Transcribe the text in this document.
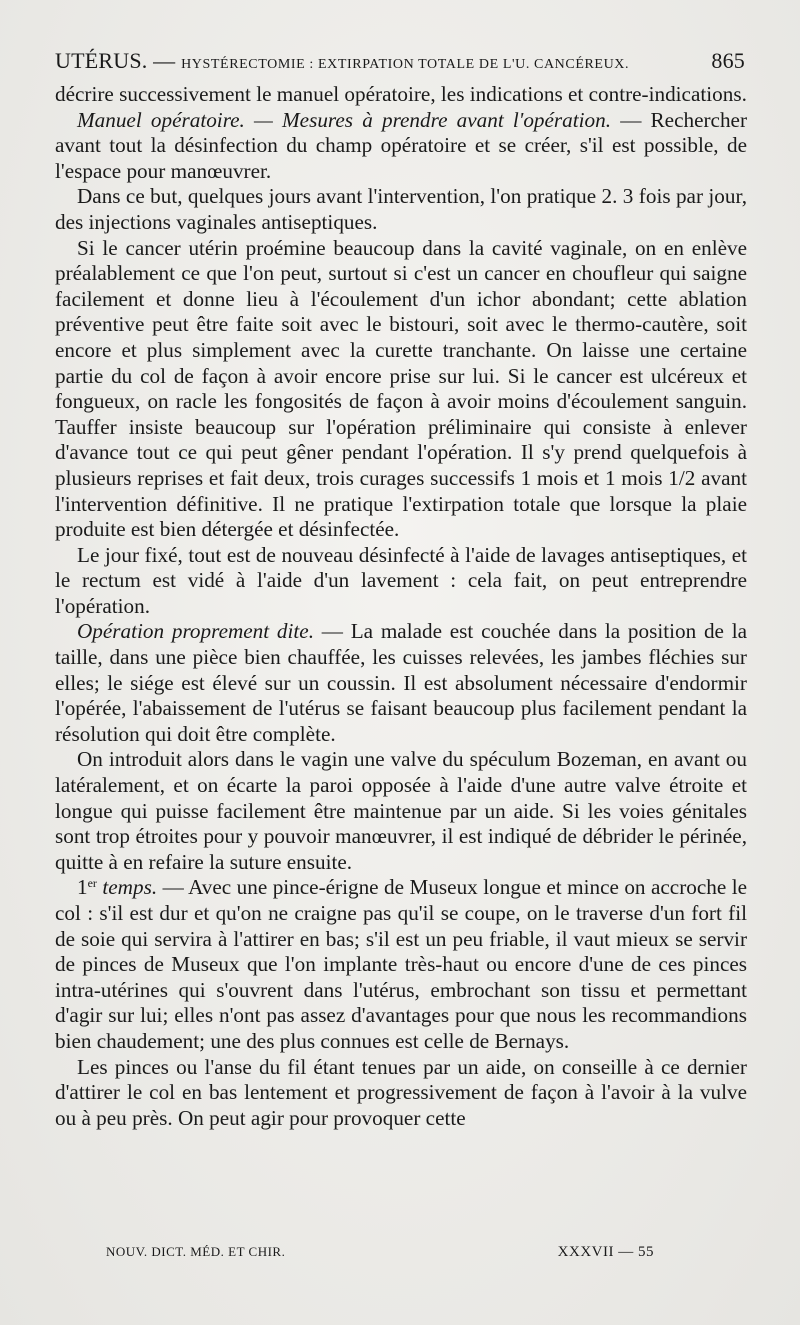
UTÉRUS. — HYSTÉRECTOMIE : EXTIRPATION TOTALE DE L'U. CANCÉREUX.	865

décrire successivement le manuel opératoire, les indications et contre-indications.

Manuel opératoire. — Mesures à prendre avant l'opération. — Rechercher avant tout la désinfection du champ opératoire et se créer, s'il est possible, de l'espace pour manœuvrer.

Dans ce but, quelques jours avant l'intervention, l'on pratique 2. 3 fois par jour, des injections vaginales antiseptiques.

Si le cancer utérin proémine beaucoup dans la cavité vaginale, on en enlève préalablement ce que l'on peut, surtout si c'est un cancer en choufleur qui saigne facilement et donne lieu à l'écoulement d'un ichor abondant; cette ablation préventive peut être faite soit avec le bistouri, soit avec le thermo-cautère, soit encore et plus simplement avec la curette tranchante. On laisse une certaine partie du col de façon à avoir encore prise sur lui. Si le cancer est ulcéreux et fongueux, on racle les fongosités de façon à avoir moins d'écoulement sanguin. Tauffer insiste beaucoup sur l'opération préliminaire qui consiste à enlever d'avance tout ce qui peut gêner pendant l'opération. Il s'y prend quelquefois à plusieurs reprises et fait deux, trois curages successifs 1 mois et 1 mois 1/2 avant l'intervention définitive. Il ne pratique l'extirpation totale que lorsque la plaie produite est bien détergée et désinfectée.

Le jour fixé, tout est de nouveau désinfecté à l'aide de lavages antiseptiques, et le rectum est vidé à l'aide d'un lavement : cela fait, on peut entreprendre l'opération.

Opération proprement dite. — La malade est couchée dans la position de la taille, dans une pièce bien chauffée, les cuisses relevées, les jambes fléchies sur elles; le siége est élevé sur un coussin. Il est absolument nécessaire d'endormir l'opérée, l'abaissement de l'utérus se faisant beaucoup plus facilement pendant la résolution qui doit être complète.

On introduit alors dans le vagin une valve du spéculum Bozeman, en avant ou latéralement, et on écarte la paroi opposée à l'aide d'une autre valve étroite et longue qui puisse facilement être maintenue par un aide. Si les voies génitales sont trop étroites pour y pouvoir manœuvrer, il est indiqué de débrider le périnée, quitte à en refaire la suture ensuite.

1er temps. — Avec une pince-érigne de Museux longue et mince on accroche le col : s'il est dur et qu'on ne craigne pas qu'il se coupe, on le traverse d'un fort fil de soie qui servira à l'attirer en bas; s'il est un peu friable, il vaut mieux se servir de pinces de Museux que l'on implante très-haut ou encore d'une de ces pinces intra-utérines qui s'ouvrent dans l'utérus, embrochant son tissu et permettant d'agir sur lui; elles n'ont pas assez d'avantages pour que nous les recommandions bien chaudement; une des plus connues est celle de Bernays.

Les pinces ou l'anse du fil étant tenues par un aide, on conseille à ce dernier d'attirer le col en bas lentement et progressivement de façon à l'avoir à la vulve ou à peu près. On peut agir pour provoquer cette

NOUV. DICT. MÉD. ET CHIR.	XXXVII — 55
